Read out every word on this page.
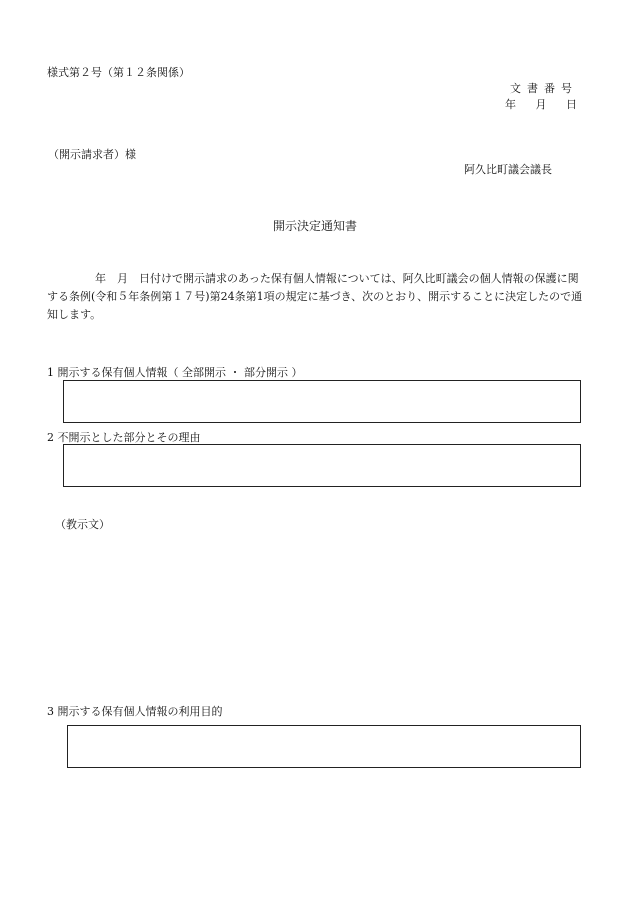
様式第２号（第１２条関係）
文書番号
年 月 日
（開示請求者）様
阿久比町議会議長
開示決定通知書
年　月　日付けで開示請求のあった保有個人情報については、阿久比町議会の個人情報の保護に関する条例(令和５年条例第１７号)第24条第1項の規定に基づき、次のとおり、開示することに決定したので通知します。
1 開示する保有個人情報（ 全部開示 ・ 部分開示 ）
2 不開示とした部分とその理由
（教示文）
3 開示する保有個人情報の利用目的
